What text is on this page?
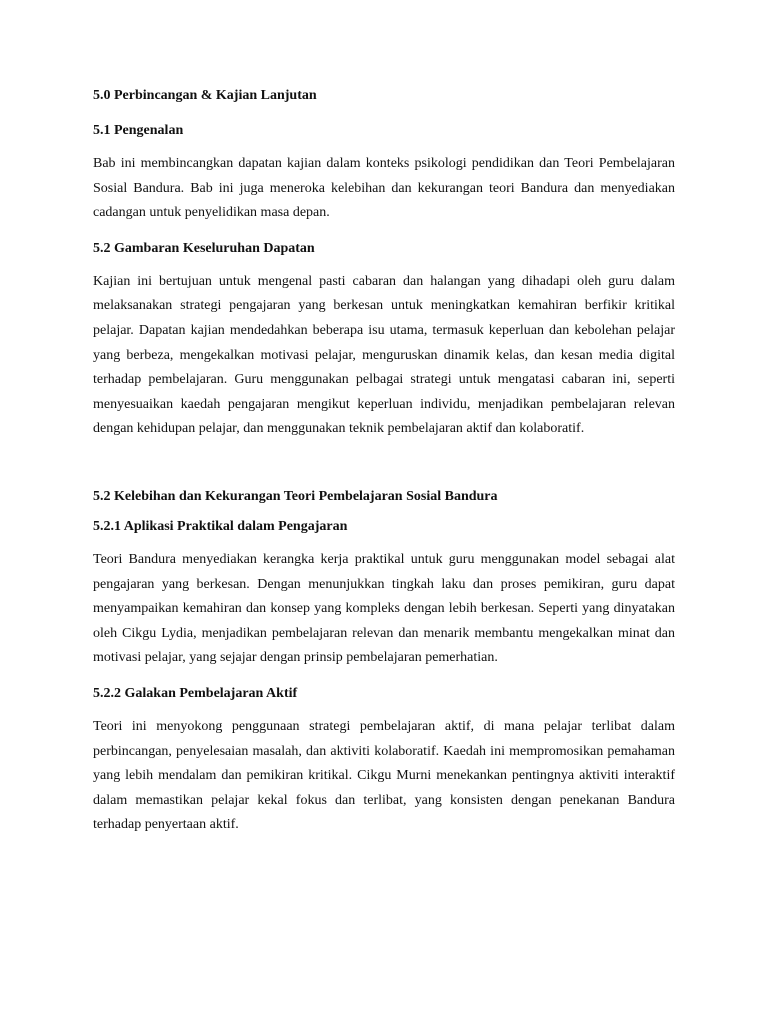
5.0 Perbincangan & Kajian Lanjutan
5.1 Pengenalan

Bab ini membincangkan dapatan kajian dalam konteks psikologi pendidikan dan Teori Pembelajaran Sosial Bandura. Bab ini juga meneroka kelebihan dan kekurangan teori Bandura dan menyediakan cadangan untuk penyelidikan masa depan.

5.2 Gambaran Keseluruhan Dapatan

Kajian ini bertujuan untuk mengenal pasti cabaran dan halangan yang dihadapi oleh guru dalam melaksanakan strategi pengajaran yang berkesan untuk meningkatkan kemahiran berfikir kritikal pelajar. Dapatan kajian mendedahkan beberapa isu utama, termasuk keperluan dan kebolehan pelajar yang berbeza, mengekalkan motivasi pelajar, menguruskan dinamik kelas, dan kesan media digital terhadap pembelajaran. Guru menggunakan pelbagai strategi untuk mengatasi cabaran ini, seperti menyesuaikan kaedah pengajaran mengikut keperluan individu, menjadikan pembelajaran relevan dengan kehidupan pelajar, dan menggunakan teknik pembelajaran aktif dan kolaboratif.

5.2 Kelebihan dan Kekurangan Teori Pembelajaran Sosial Bandura
5.2.1 Aplikasi Praktikal dalam Pengajaran

Teori Bandura menyediakan kerangka kerja praktikal untuk guru menggunakan model sebagai alat pengajaran yang berkesan. Dengan menunjukkan tingkah laku dan proses pemikiran, guru dapat menyampaikan kemahiran dan konsep yang kompleks dengan lebih berkesan. Seperti yang dinyatakan oleh Cikgu Lydia, menjadikan pembelajaran relevan dan menarik membantu mengekalkan minat dan motivasi pelajar, yang sejajar dengan prinsip pembelajaran pemerhatian.

5.2.2 Galakan Pembelajaran Aktif

Teori ini menyokong penggunaan strategi pembelajaran aktif, di mana pelajar terlibat dalam perbincangan, penyelesaian masalah, dan aktiviti kolaboratif. Kaedah ini mempromosikan pemahaman yang lebih mendalam dan pemikiran kritikal. Cikgu Murni menekankan pentingnya aktiviti interaktif dalam memastikan pelajar kekal fokus dan terlibat, yang konsisten dengan penekanan Bandura terhadap penyertaan aktif.
